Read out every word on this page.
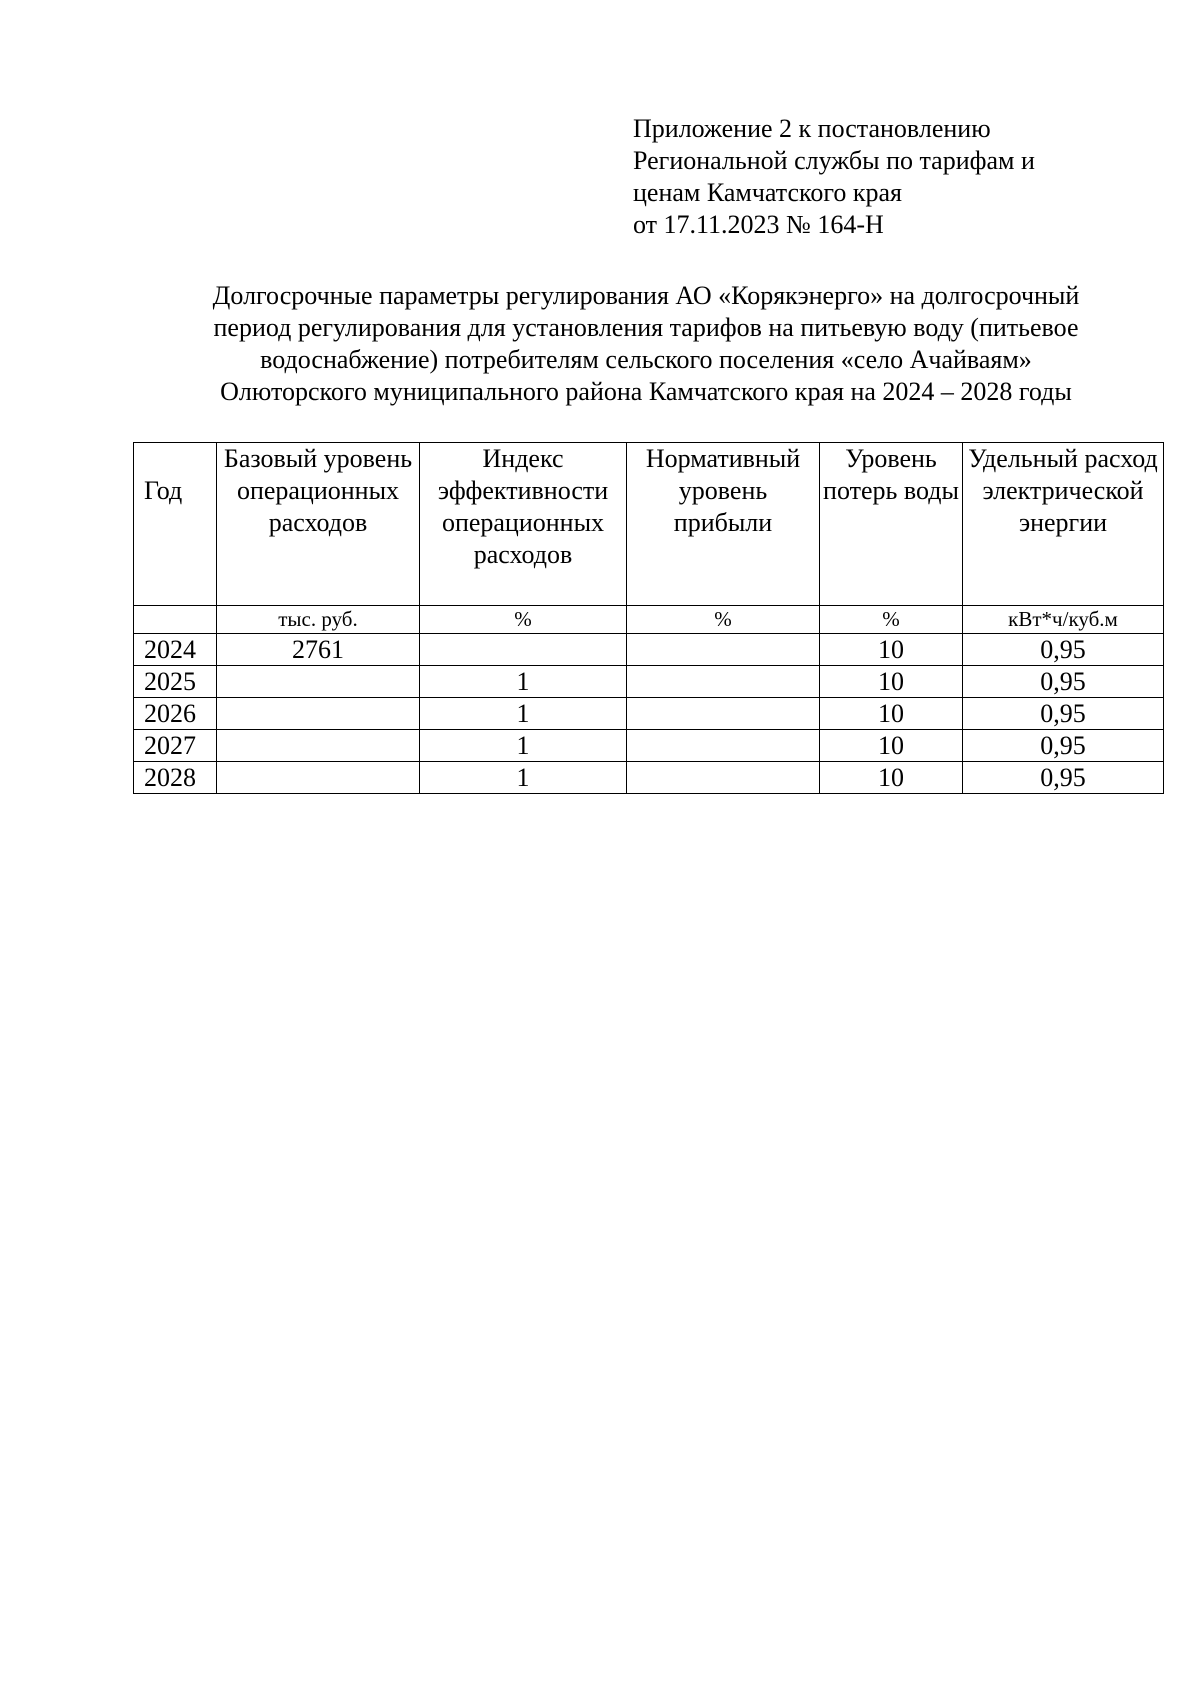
Приложение 2 к постановлению
Региональной службы по тарифам и
ценам Камчатского края
от 17.11.2023 № 164-Н
Долгосрочные параметры регулирования АО «Корякэнерго» на долгосрочный
период регулирования для установления тарифов на питьевую воду (питьевое
водоснабжение) потребителям сельского поселения «село Ачайваям»
Олюторского муниципального района Камчатского края на 2024 – 2028 годы
Год	Базовый уровень операционных расходов	Индекс эффективности операционных расходов	Нормативный уровень прибыли	Уровень потерь воды	Удельный расход электрической энергии
	тыс. руб.	%	%	%	кВт*ч/куб.м
2024	2761			10	0,95
2025		1		10	0,95
2026		1		10	0,95
2027		1		10	0,95
2028		1		10	0,95
